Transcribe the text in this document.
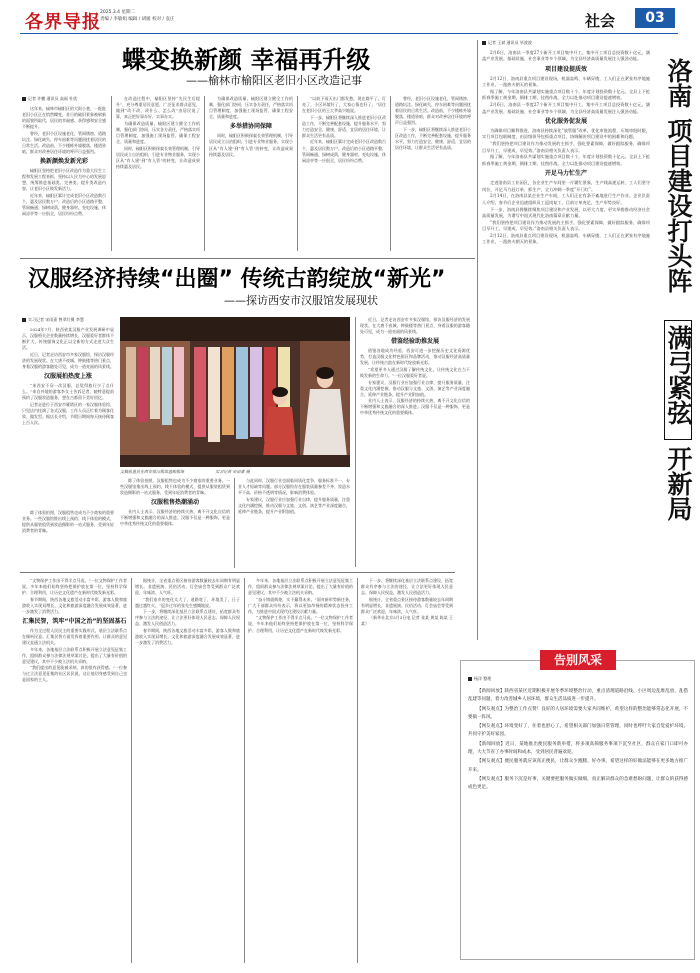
各界导报 2025.3.4 星期二
责编 / 李敏娟 编辑 / 胡媛 校对 / 袁庄	社会	03
蝶变换新颜 幸福再升级
——榆林市榆阳区老旧小区改造记事
记者 许鹏 通讯员 高福 杜欣

这年来，榆林市榆阳区的大街小巷，一批批老旧小区正在悄然蝶变，昔日的破旧景象被崭新的面貌所取代，居民的幸福感、获得感和安全感不断提升。

曾经，老旧小区设施老化、管网锈蚀、道路坑洼、绿化缺失、停车困难等问题困扰着居民的日常生活。改造前，不少楼栋外墙脱落、楼道昏暗，群众对改善居住环境的呼声日益强烈。

换新颜焕发新光彩

榆阳区坚持把老旧小区改造作为重大民生工程和发展工程来抓，坚持以人民为中心的发展思想，统筹推进基础类、完善类、提升类改造内容，让老旧小区焕发新活力。

近年来，榆阳区累计完成老旧小区改造数百个，惠及居民数万户。改造后的小区道路平整、管网畅通、绿树成荫，健身器材、充电设施、休闲凉亭等一应俱全，居民纷纷点赞。

在改造过程中，榆阳区坚持“先民生后提升”，充分尊重居民意愿，广泛征求群众意见，做到“改不改、改什么、怎么改”由居民说了算，真正把好事办好、实事办实。

为确保改造质量，榆阳区建立健全工作机制，强化部门协同，压实各方责任，严格落实项目管理制度，加强施工现场监管，确保工程安全、质量和进度。

同时，榆阳区积极探索长效管理机制，引导居民成立自治组织，引进专业物业服务，实现小区从“有人建”到“有人管”的转变，让改造成果持续惠及居民。

为确保改造质量，榆阳区建立健全工作机制，强化部门协同，压实各方责任，严格落实项目管理制度，加强施工现场监管，确保工程安全、质量和进度。

多举措协同保障

同时，榆阳区积极探索长效管理机制，引导居民成立自治组织，引进专业物业服务，实现小区从“有人建”到“有人管”的转变，让改造成果持续惠及居民。

“以前下雨天出门都发愁，现在路平了、灯亮了，小区环境好了，大家心情也好了。”居住在老旧小区的王大爷高兴地说。

下一步，榆阳区将继续深入推进老旧小区改造工作，不断完善配套设施，提升服务水平，努力打造安全、健康、舒适、宜居的居住环境，让群众生活更有品质。

近年来，榆阳区累计完成老旧小区改造数百个，惠及居民数万户。改造后的小区道路平整、管网畅通、绿树成荫，健身器材、充电设施、休闲凉亭等一应俱全，居民纷纷点赞。

曾经，老旧小区设施老化、管网锈蚀、道路坑洼、绿化缺失、停车困难等问题困扰着居民的日常生活。改造前，不少楼栋外墙脱落、楼道昏暗，群众对改善居住环境的呼声日益强烈。

下一步，榆阳区将继续深入推进老旧小区改造工作，不断完善配套设施，提升服务水平，努力打造安全、健康、舒适、宜居的居住环境，让群众生活更有品质。

汉服经济持续“出圈” 传统古韵绽放“新光”
——探访西安市汉服馆发展现状
实习记者 宋雨嘉 曾翠红摄 李慧

2024年7月，陕西省某汉服产业发展调研中显示，汉服相关企业数量持续增长，汉服爱好者群体不断扩大，传统服饰文化正以全新的方式走进大众生活。

近日，记者走访西安市多家汉服馆，探访汉服经济的发展现状。在大唐不夜城、钟鼓楼等热门景点，身着汉服的游客随处可见，成为一道亮丽的风景线。

汉服展拍热度上涨

“来西安不穿一次汉服，总觉得旅行少了点什么。”来自外地的游客李女士告诉记者，她特意提前预约了汉服妆造服务，想在古都留下美好回忆。

记者走进位于西安市雁塔区的一家汉服体验馆，只见店内挂满了各式汉服，工作人员正忙着为顾客化妆、做发型。据店长介绍，节假日期间每天接待顾客上百人次。

文稿报道员在西安某汉服馆选购服饰	实习记者 宋雨嘉 摄

除了体验拍照，汉服租售也成为不少商家的重要业务。一些汉服馆推出线上预约、线下体验的模式，提供从服装租赁到妆造摄影的一站式服务，受到年轻消费者的青睐。

汉服租售热潮涌动

业内人士表示，汉服经济的持续火热，离不开文化自信的不断增强和文旅融合的深入推进。汉服不仅是一种服饰，更是中华优秀传统文化的重要载体。

与此同时，汉服行业也面临同质化竞争、服务标准不一、专业人才短缺等问题。部分汉服馆存在服装质量参差不齐、妆造水平不高、价格不透明等情况，影响消费体验。

专家建议，汉服行业应加强行业自律，提升服务质量，注重文化内涵挖掘，推动汉服与文旅、文创、演艺等产业深度融合，延伸产业链条，提升产业附加值。

近日，记者走访西安市多家汉服馆，探访汉服经济的发展现状。在大唐不夜城、钟鼓楼等热门景点，身着汉服的游客随处可见，成为一道亮丽的风景线。

借鉴经验助推发展

借鉴各地成功经验，西安可进一步挖掘历史文化资源优势，打造汉服文化特色街区和品牌活动，推动汉服经济高质量发展，让传统古韵在新时代绽放新光彩。

“希望更多人通过汉服了解传统文化，让传统文化在当下焕发新的生命力。”一位汉服爱好者说。

专家建议，汉服行业应加强行业自律，提升服务质量，注重文化内涵挖掘，推动汉服与文旅、文创、演艺等产业深度融合，延伸产业链条，提升产业附加值。

业内人士表示，汉服经济的持续火热，离不开文化自信的不断增强和文旅融合的深入推进。汉服不仅是一种服饰，更是中华优秀传统文化的重要载体。

除了体验拍照，汉服租售也成为不少商家的重要业务。一些汉服馆推出线上预约、线下体验的模式，提供从服装租赁到妆造摄影的一站式服务，受到年轻消费者的青睐。

“文物保护工作由不得半点马虎。”一位文物保护工作者说，多年来他们始终坚持把保护放在第一位，坚持科学保护、合理利用，让历史文化遗产在新时代焕发新光彩。

春节期间，陕西各地文旅活动丰富多彩，游客人数和旅游收入实现双增长，文化和旅游深度融合发展成效显著，进一步激发了消费活力。

汇集民智，筑牢“中国之治”的坚固基石

作为全过程人民民主的重要实践形式，基层立法联系点在倾听民意、汇集民智方面发挥着重要作用，让群众的意见建议直通立法机关。

多年来，各地基层立法联系点积极开展立法意见征集工作，组织群众参与法律法规草案讨论，提出了大量有价值的意见建议，其中不少被立法机关采纳。

“我们提出的意见能被采纳，真的很有获得感。”一位参与过立法意见征集的社区居民说，这让他切身感受到自己也是国家的主人。

据统计，全省重点景区接待游客数量较去年同期有明显增长，非遗展演、民俗活动、灯会庙会等受到群众广泛欢迎，年味浓、人气旺。

“我们家乡的变化太大了，道路宽了，环境美了，日子越过越红火。”返乡过年的张先生感慨地说。

下一步，将继续深化基层立法联系点建设，拓宽群众有序参与立法的途径，让立法更好体现人民意志、保障人民权益、激发人民创造活力。

春节期间，陕西各地文旅活动丰富多彩，游客人数和旅游收入实现双增长，文化和旅游深度融合发展成效显著，进一步激发了消费活力。

多年来，各地基层立法联系点积极开展立法意见征集工作，组织群众参与法律法规草案讨论，提出了大量有价值的意见建议，其中不少被立法机关采纳。

“奋斗铸就辉煌，实干赢得未来。”面对新形势新任务，广大干部群众纷纷表示，将以更加昂扬的精神状态投身工作，为推进中国式现代化建设贡献力量。

“文物保护工作由不得半点马虎。”一位文物保护工作者说，多年来他们始终坚持把保护放在第一位，坚持科学保护、合理利用，让历史文化遗产在新时代焕发新光彩。

下一步，将继续深化基层立法联系点建设，拓宽群众有序参与立法的途径，让立法更好体现人民意志、保障人民权益、激发人民创造活力。

据统计，全省重点景区接待游客数量较去年同期有明显增长，非遗展演、民俗活动、灯会庙会等受到群众广泛欢迎，年味浓、人气旺。

（新华社北京3月3日电 记者 张某 黄某 陈某 王某）

记者 王斌 通讯员 毕波波

2月6日，洛南县一季度27个新开工项目集中开工，集中开工项目总投资数十亿元，涵盖产业发展、基础设施、社会事业等多个领域，为全县经济高质量发展注入强劲动能。

项目建设提质效

2月12日，洛南县重点项目建设现场，机器轰鸣、车辆穿梭，工人们正在紧张有序地施工作业，一派热火朝天的景象。

据了解，今年洛南县共谋划实施重点项目数十个，年度计划投资数十亿元。全县上下抢抓春季施工黄金期，倒排工期、挂图作战，全力以赴推动项目建设提速增效。

2月6日，洛南县一季度27个新开工项目集中开工，集中开工项目总投资数十亿元，涵盖产业发展、基础设施、社会事业等多个领域，为全县经济高质量发展注入强劲动能。

优化服务促发展

为确保项目顺利推进，洛南县持续深化“放管服”改革，优化审批流程，压缩审批时限，实行项目包联制度，由县级领导包抓重点项目，协调解决项目建设中的困难和问题。

“我们坚持把项目建设作为推动发展的主抓手，强化要素保障，做好跟踪服务，确保项目早开工、早建成、早见效。”洛南县相关负责人表示。

据了解，今年洛南县共谋划实施重点项目数十个，年度计划投资数十亿元。全县上下抢抓春季施工黄金期，倒排工期、挂图作战，全力以赴推动项目建设提速增效。

开足马力忙生产

走进洛南县工业园区，各企业生产车间里一片繁忙景象，生产线高速运转，工人们坚守岗位，开足马力赶订单、抓生产，全力冲刺一季度“开门红”。

2月14日，在洛南县某企业生产车间，工人们正在有条不紊地进行生产作业。企业负责人介绍，春节后企业迅速组织员工返岗复工，目前订单充足，生产形势良好。

下一步，洛南县将继续聚焦项目建设和产业发展，以更大力度、更实举措推动经济社会高质量发展，为谱写中国式现代化洛南篇章贡献力量。

“我们坚持把项目建设作为推动发展的主抓手，强化要素保障，做好跟踪服务，确保项目早开工、早建成、早见效。”洛南县相关负责人表示。

2月12日，洛南县重点项目建设现场，机器轰鸣、车辆穿梭，工人们正在紧张有序地施工作业，一派热火朝天的景象。

洛南
项目建设打头阵
满弓紧弦
开新局
告别风采
杨洋 整理

【新闻回放】陕西省某区近期积极开展冬季环境整治行动，重点清理道路沿线、小区周边乱堆乱放、乱搭乱建等问题，着力改善城乡人居环境，群众生活品质进一步提升。

【网友观点】为整治工作点赞！良好的人居环境需要大家共同维护，希望这样的整治能够常态化开展，不要搞一阵风。

【网友观点】环境变好了，住着也舒心了。希望相关部门加强日常管理，同时也呼吁大家自觉爱护环境，共同守护美好家园。

【新闻回放】近日，某地推出便民服务新举措，将多项高频服务事项下沉至社区，群众在家门口即可办理，大大节省了办事时间和成本，受到居民普遍欢迎。

【网友观点】便民服务就应该真正便民，让群众少跑腿、好办事。希望这样的好做法能够在更多地方推广开来。

【网友观点】服务下沉是好事，关键要把服务做实做细，真正解决群众的急难愁盼问题，让群众的获得感成色更足。
